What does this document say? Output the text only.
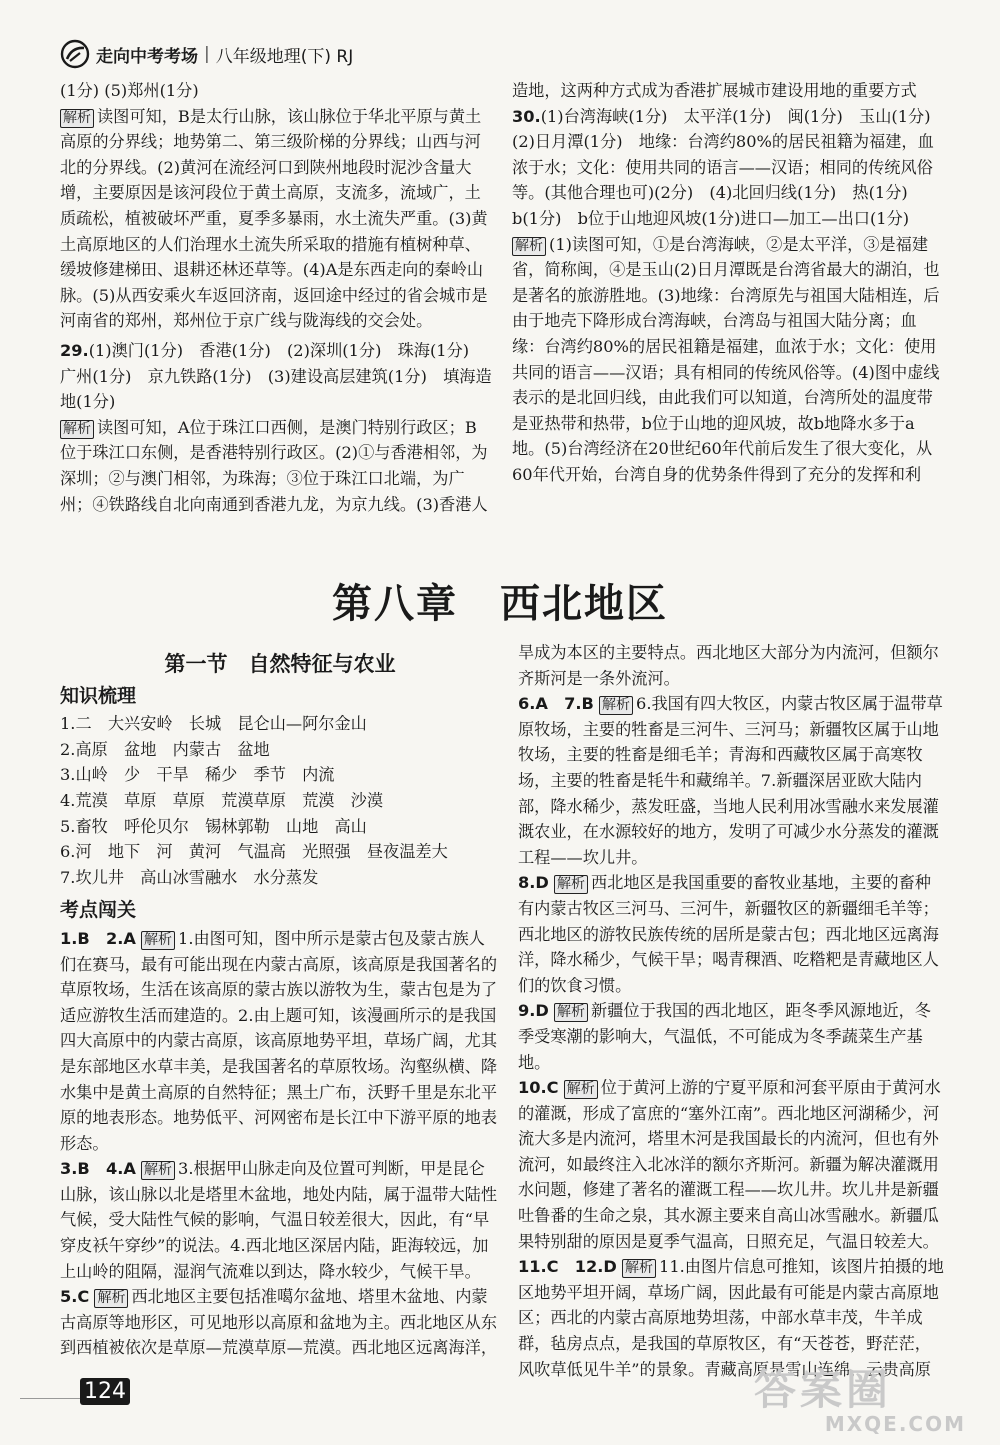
走向中考考场 | 八年级地理(下) RJ

(1分) (5)郑州(1分)

解析 读图可知，B是太行山脉，该山脉位于华北平原与黄土高原的分界线；地势第二、第三级阶梯的分界线；山西与河北的分界线。(2)黄河在流经河口到陕州地段时泥沙含量大增，主要原因是该河段位于黄土高原，支流多，流域广，土质疏松，植被破坏严重，夏季多暴雨，水土流失严重。(3)黄土高原地区的人们治理水土流失所采取的措施有植树种草、缓坡修建梯田、退耕还林还草等。(4)A是东西走向的秦岭山脉。(5)从西安乘火车返回济南，返回途中经过的省会城市是河南省的郑州，郑州位于京广线与陇海线的交会处。

29.(1)澳门(1分)　香港(1分)　(2)深圳(1分)　珠海(1分)　广州(1分)　京九铁路(1分)　(3)建设高层建筑(1分)　填海造地(1分)

解析 读图可知，A位于珠江口西侧，是澳门特别行政区；B位于珠江口东侧，是香港特别行政区。(2)①与香港相邻，为深圳；②与澳门相邻，为珠海；③位于珠江口北端，为广州；④铁路线自北向南通到香港九龙，为京九线。(3)香港人

造地，这两种方式成为香港扩展城市建设用地的重要方式

30.(1)台湾海峡(1分)　太平洋(1分)　闽(1分)　玉山(1分)　(2)日月潭(1分)　地缘：台湾约80%的居民祖籍为福建，血浓于水；文化：使用共同的语言——汉语；相同的传统风俗等。(其他合理也可)(2分)　(4)北回归线(1分)　热(1分)　b(1分)　b位于山地迎风坡(1分)进口—加工—出口(1分)

解析 (1)读图可知，①是台湾海峡，②是太平洋，③是福建省，简称闽，④是玉山(2)日月潭既是台湾省最大的湖泊，也是著名的旅游胜地。(3)地缘：台湾原先与祖国大陆相连，后由于地壳下降形成台湾海峡，台湾岛与祖国大陆分离；血缘：台湾约80%的居民祖籍是福建，血浓于水；文化：使用共同的语言——汉语；具有相同的传统风俗等。(4)图中虚线表示的是北回归线，由此我们可以知道，台湾所处的温度带是亚热带和热带，b位于山地的迎风坡，故b地降水多于a地。(5)台湾经济在20世纪60年代前后发生了很大变化，从60年代开始，台湾自身的优势条件得到了充分的发挥和利

第八章　西北地区
第一节　自然特征与农业
知识梳理

1.二　大兴安岭　长城　昆仑山—阿尔金山

2.高原　盆地　内蒙古　盆地

3.山岭　少　干旱　稀少　季节　内流

4.荒漠　草原　草原　荒漠草原　荒漠　沙漠

5.畜牧　呼伦贝尔　锡林郭勒　山地　高山

6.河　地下　河　黄河　气温高　光照强　昼夜温差大

7.坎儿井　高山冰雪融水　水分蒸发

考点闯关

1.B　2.A 解析 1.由图可知，图中所示是蒙古包及蒙古族人们在赛马，最有可能出现在内蒙古高原，该高原是我国著名的草原牧场，生活在该高原的蒙古族以游牧为生，蒙古包是为了适应游牧生活而建造的。2.由上题可知，该漫画所示的是我国四大高原中的内蒙古高原，该高原地势平坦，草场广阔，尤其是东部地区水草丰美，是我国著名的草原牧场。沟壑纵横、降水集中是黄土高原的自然特征；黑土广布，沃野千里是东北平原的地表形态。地势低平、河网密布是长江中下游平原的地表形态。

3.B　4.A 解析 3.根据甲山脉走向及位置可判断，甲是昆仑山脉，该山脉以北是塔里木盆地，地处内陆，属于温带大陆性气候，受大陆性气候的影响，气温日较差很大，因此，有“早穿皮袄午穿纱”的说法。4.西北地区深居内陆，距海较远，加上山岭的阻隔，湿润气流难以到达，降水较少，气候干旱。

5.C 解析 西北地区主要包括准噶尔盆地、塔里木盆地、内蒙古高原等地形区，可见地形以高原和盆地为主。西北地区从东到西植被依次是草原—荒漠草原—荒漠。西北地区远离海洋，

旱成为本区的主要特点。西北地区大部分为内流河，但额尔齐斯河是一条外流河。

6.A　7.B 解析 6.我国有四大牧区，内蒙古牧区属于温带草原牧场，主要的牲畜是三河牛、三河马；新疆牧区属于山地牧场，主要的牲畜是细毛羊；青海和西藏牧区属于高寒牧场，主要的牲畜是牦牛和藏绵羊。7.新疆深居亚欧大陆内部，降水稀少，蒸发旺盛，当地人民利用冰雪融水来发展灌溉农业，在水源较好的地方，发明了可减少水分蒸发的灌溉工程——坎儿井。

8.D 解析 西北地区是我国重要的畜牧业基地，主要的畜种有内蒙古牧区三河马、三河牛，新疆牧区的新疆细毛羊等；西北地区的游牧民族传统的居所是蒙古包；西北地区远离海洋，降水稀少，气候干旱；喝青稞酒、吃糌粑是青藏地区人们的饮食习惯。

9.D 解析 新疆位于我国的西北地区，距冬季风源地近，冬季受寒潮的影响大，气温低，不可能成为冬季蔬菜生产基地。

10.C 解析 位于黄河上游的宁夏平原和河套平原由于黄河水的灌溉，形成了富庶的“塞外江南”。西北地区河湖稀少，河流大多是内流河，塔里木河是我国最长的内流河，但也有外流河，如最终注入北冰洋的额尔齐斯河。新疆为解决灌溉用水问题，修建了著名的灌溉工程——坎儿井。坎儿井是新疆吐鲁番的生命之泉，其水源主要来自高山冰雪融水。新疆瓜果特别甜的原因是夏季气温高，日照充足，气温日较差大。

11.C　12.D 解析 11.由图片信息可推知，该图片拍摄的地区地势平坦开阔，草场广阔，因此最有可能是内蒙古高原地区；西北的内蒙古高原地势坦荡，中部水草丰茂，牛羊成群，毡房点点，是我国的草原牧区，有“天苍苍，野茫茫，风吹草低见牛羊”的景象。青藏高原是雪山连绵，云贵高原

124	答案圈
MXQE.COM
